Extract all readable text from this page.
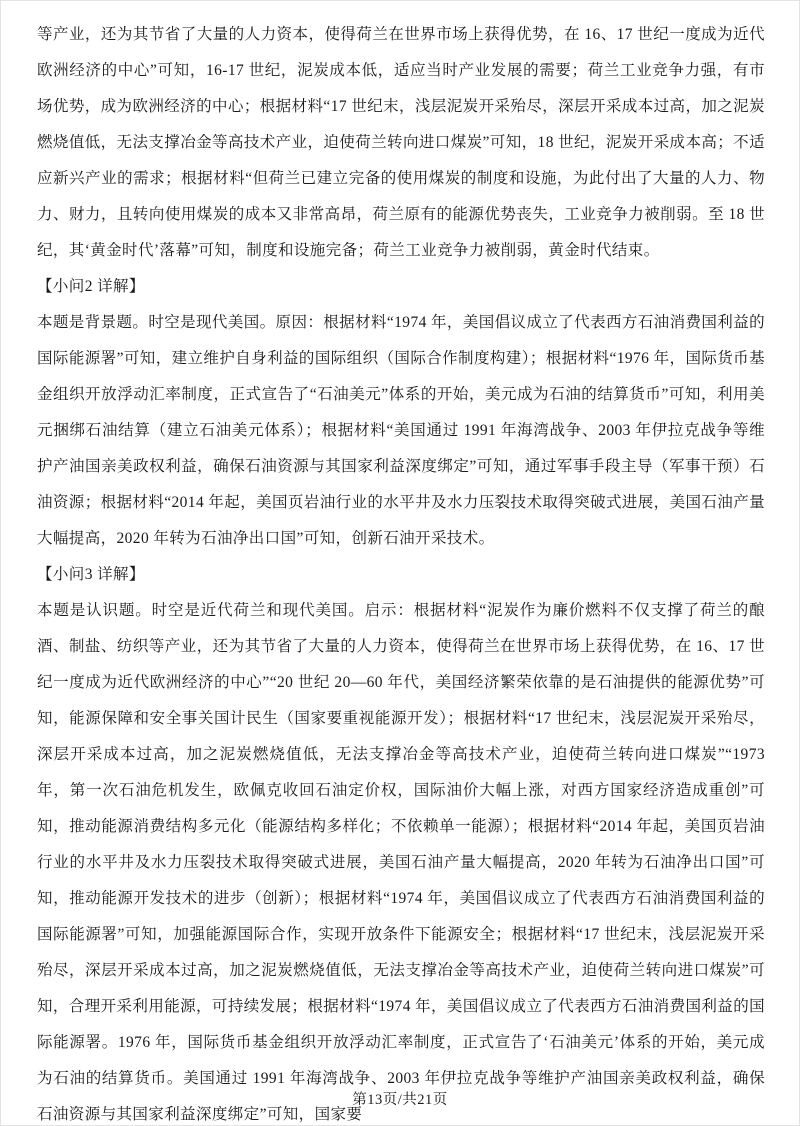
等产业，还为其节省了大量的人力资本，使得荷兰在世界市场上获得优势，在 16、17 世纪一度成为近代欧洲经济的中心”可知，16-17 世纪，泥炭成本低，适应当时产业发展的需要；荷兰工业竞争力强，有市场优势，成为欧洲经济的中心；根据材料“17 世纪末，浅层泥炭开采殆尽，深层开采成本过高，加之泥炭燃烧值低，无法支撑冶金等高技术产业，迫使荷兰转向进口煤炭”可知，18 世纪，泥炭开采成本高；不适应新兴产业的需求；根据材料“但荷兰已建立完备的使用煤炭的制度和设施，为此付出了大量的人力、物力、财力，且转向使用煤炭的成本又非常高昂，荷兰原有的能源优势丧失，工业竞争力被削弱。至 18 世纪，其‘黄金时代’落幕”可知，制度和设施完备；荷兰工业竞争力被削弱，黄金时代结束。

【小问2 详解】

本题是背景题。时空是现代美国。原因：根据材料“1974 年，美国倡议成立了代表西方石油消费国利益的国际能源署”可知，建立维护自身利益的国际组织（国际合作制度构建）；根据材料“1976 年，国际货币基金组织开放浮动汇率制度，正式宣告了“石油美元”体系的开始，美元成为石油的结算货币”可知，利用美元捆绑石油结算（建立石油美元体系）；根据材料“美国通过 1991 年海湾战争、2003 年伊拉克战争等维护产油国亲美政权利益，确保石油资源与其国家利益深度绑定”可知，通过军事手段主导（军事干预）石油资源；根据材料“2014 年起，美国页岩油行业的水平井及水力压裂技术取得突破式进展，美国石油产量大幅提高，2020 年转为石油净出口国”可知，创新石油开采技术。

【小问3 详解】

本题是认识题。时空是近代荷兰和现代美国。启示：根据材料“泥炭作为廉价燃料不仅支撑了荷兰的酿酒、制盐、纺织等产业，还为其节省了大量的人力资本，使得荷兰在世界市场上获得优势，在 16、17 世纪一度成为近代欧洲经济的中心”“20 世纪 20—60 年代，美国经济繁荣依靠的是石油提供的能源优势”可知，能源保障和安全事关国计民生（国家要重视能源开发）；根据材料“17 世纪末，浅层泥炭开采殆尽，深层开采成本过高，加之泥炭燃烧值低，无法支撑冶金等高技术产业，迫使荷兰转向进口煤炭”“1973 年，第一次石油危机发生，欧佩克收回石油定价权，国际油价大幅上涨，对西方国家经济造成重创”可知，推动能源消费结构多元化（能源结构多样化；不依赖单一能源）；根据材料“2014 年起，美国页岩油行业的水平井及水力压裂技术取得突破式进展，美国石油产量大幅提高，2020 年转为石油净出口国”可知，推动能源开发技术的进步（创新）；根据材料“1974 年，美国倡议成立了代表西方石油消费国利益的国际能源署”可知，加强能源国际合作，实现开放条件下能源安全；根据材料“17 世纪末，浅层泥炭开采殆尽，深层开采成本过高，加之泥炭燃烧值低，无法支撑冶金等高技术产业，迫使荷兰转向进口煤炭”可知，合理开采利用能源，可持续发展；根据材料“1974 年，美国倡议成立了代表西方石油消费国利益的国际能源署。1976 年，国际货币基金组织开放浮动汇率制度，正式宣告了‘石油美元’体系的开始，美元成为石油的结算货币。美国通过 1991 年海湾战争、2003 年伊拉克战争等维护产油国亲美政权利益，确保石油资源与其国家利益深度绑定”可知，国家要

第13页/共21页
